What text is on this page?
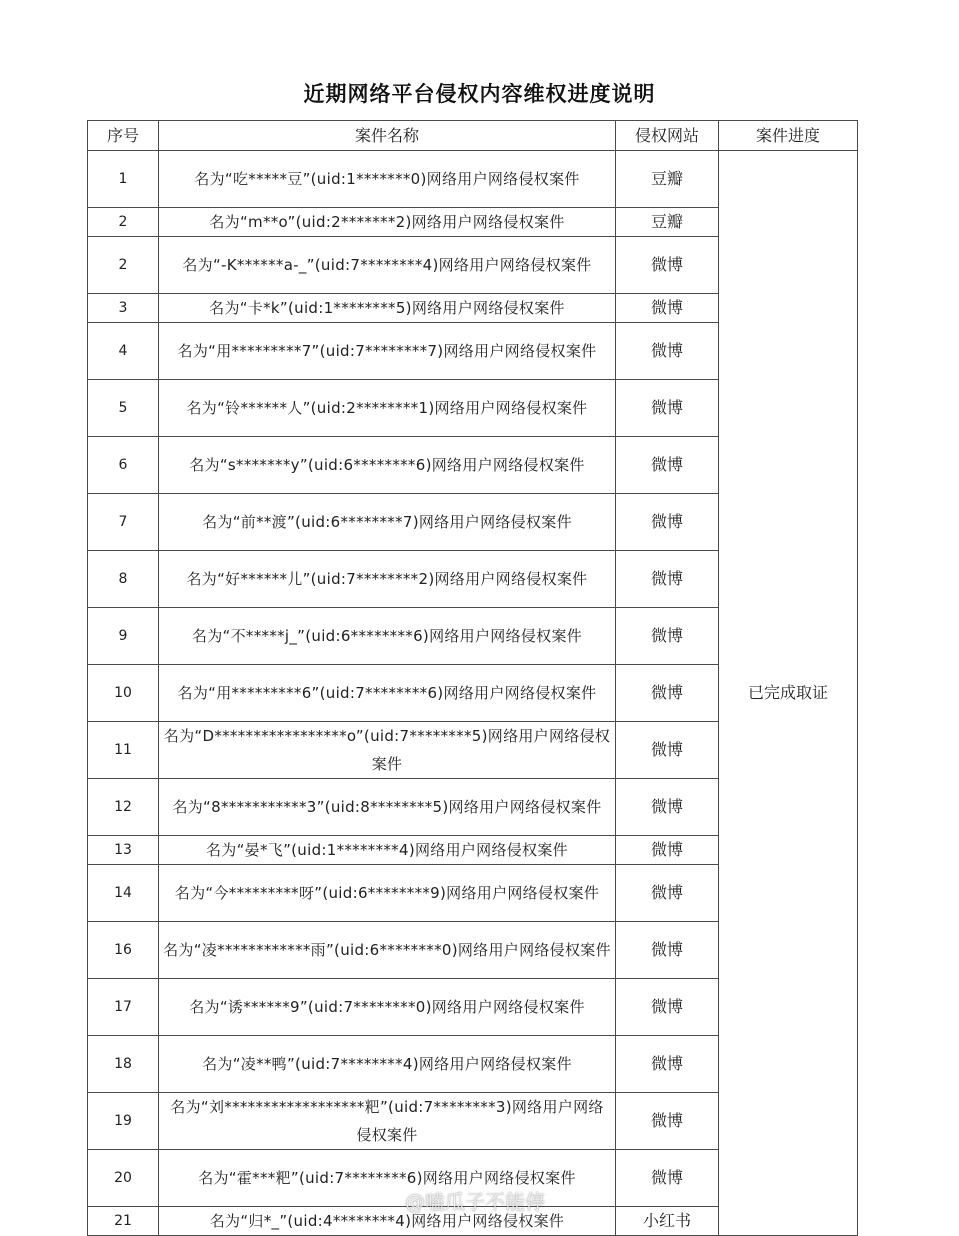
近期网络平台侵权内容维权进度说明
序号	案件名称	侵权网站	案件进度
1	名为“吃*****豆”(uid:1*******0)网络用户网络侵权案件	豆瓣	已完成取证
2	名为“m**o”(uid:2*******2)网络用户网络侵权案件	豆瓣	
2	名为“-K******a-_”(uid:7********4)网络用户网络侵权案件	微博	
3	名为“卡*k”(uid:1********5)网络用户网络侵权案件	微博	
4	名为“用*********7”(uid:7********7)网络用户网络侵权案件	微博	
5	名为“铃******人”(uid:2********1)网络用户网络侵权案件	微博	
6	名为“s*******y”(uid:6********6)网络用户网络侵权案件	微博	
7	名为“前**渡”(uid:6********7)网络用户网络侵权案件	微博	
8	名为“好******儿”(uid:7********2)网络用户网络侵权案件	微博	
9	名为“不*****j_”(uid:6********6)网络用户网络侵权案件	微博	
10	名为“用*********6”(uid:7********6)网络用户网络侵权案件	微博	
11	名为“D*****************o”(uid:7********5)网络用户网络侵权案件	微博	
12	名为“8***********3”(uid:8********5)网络用户网络侵权案件	微博	
13	名为“晏*飞”(uid:1********4)网络用户网络侵权案件	微博	
14	名为“今*********呀”(uid:6********9)网络用户网络侵权案件	微博	
16	名为“凌************雨”(uid:6********0)网络用户网络侵权案件	微博	
17	名为“诱******9”(uid:7********0)网络用户网络侵权案件	微博	
18	名为“凌**鸭”(uid:7********4)网络用户网络侵权案件	微博	
19	名为“刘******************粑”(uid:7********3)网络用户网络侵权案件	微博	
20	名为“霍***粑”(uid:7********6)网络用户网络侵权案件	微博	
21	名为“归*_”(uid:4********4)网络用户网络侵权案件	小红书	
@嗑瓜子不能停
